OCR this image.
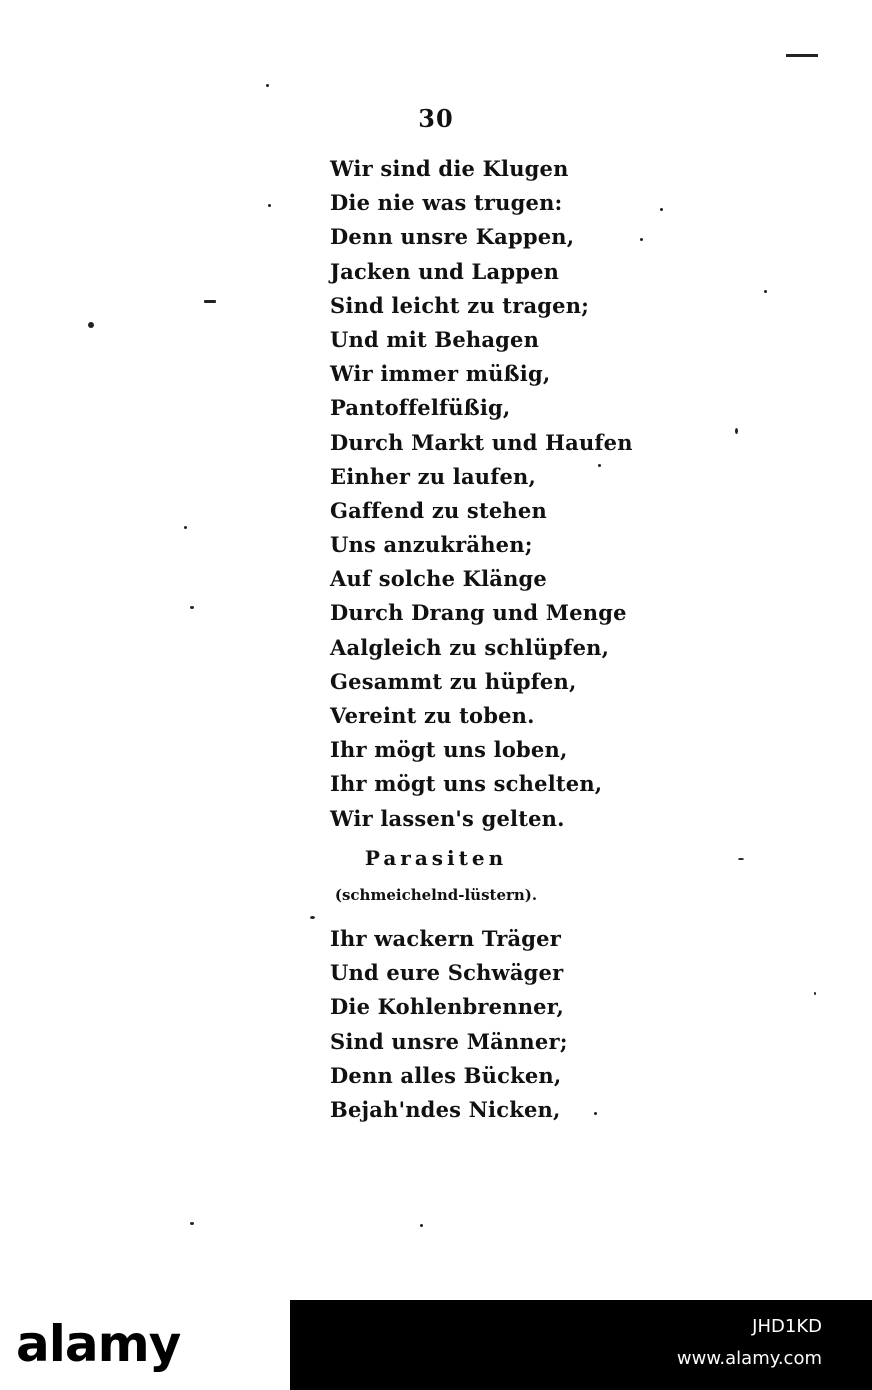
30
Wir sind die Klugen
Die nie was trugen:
Denn unsre Kappen,
Jacken und Lappen
Sind leicht zu tragen;
Und mit Behagen
Wir immer müßig,
Pantoffelfüßig,
Durch Markt und Haufen
Einher zu laufen,
Gaffend zu stehen
Uns anzukrähen;
Auf solche Klänge
Durch Drang und Menge
Aalgleich zu schlüpfen,
Gesammt zu hüpfen,
Vereint zu toben.
Ihr mögt uns loben,
Ihr mögt uns schelten,
Wir lassen's gelten.
Parasiten
(schmeichelnd-lüstern).
Ihr wackern Träger
Und eure Schwäger
Die Kohlenbrenner,
Sind unsre Männer;
Denn alles Bücken,
Bejah'ndes Nicken,
alamy	JHD1KD
www.alamy.com
